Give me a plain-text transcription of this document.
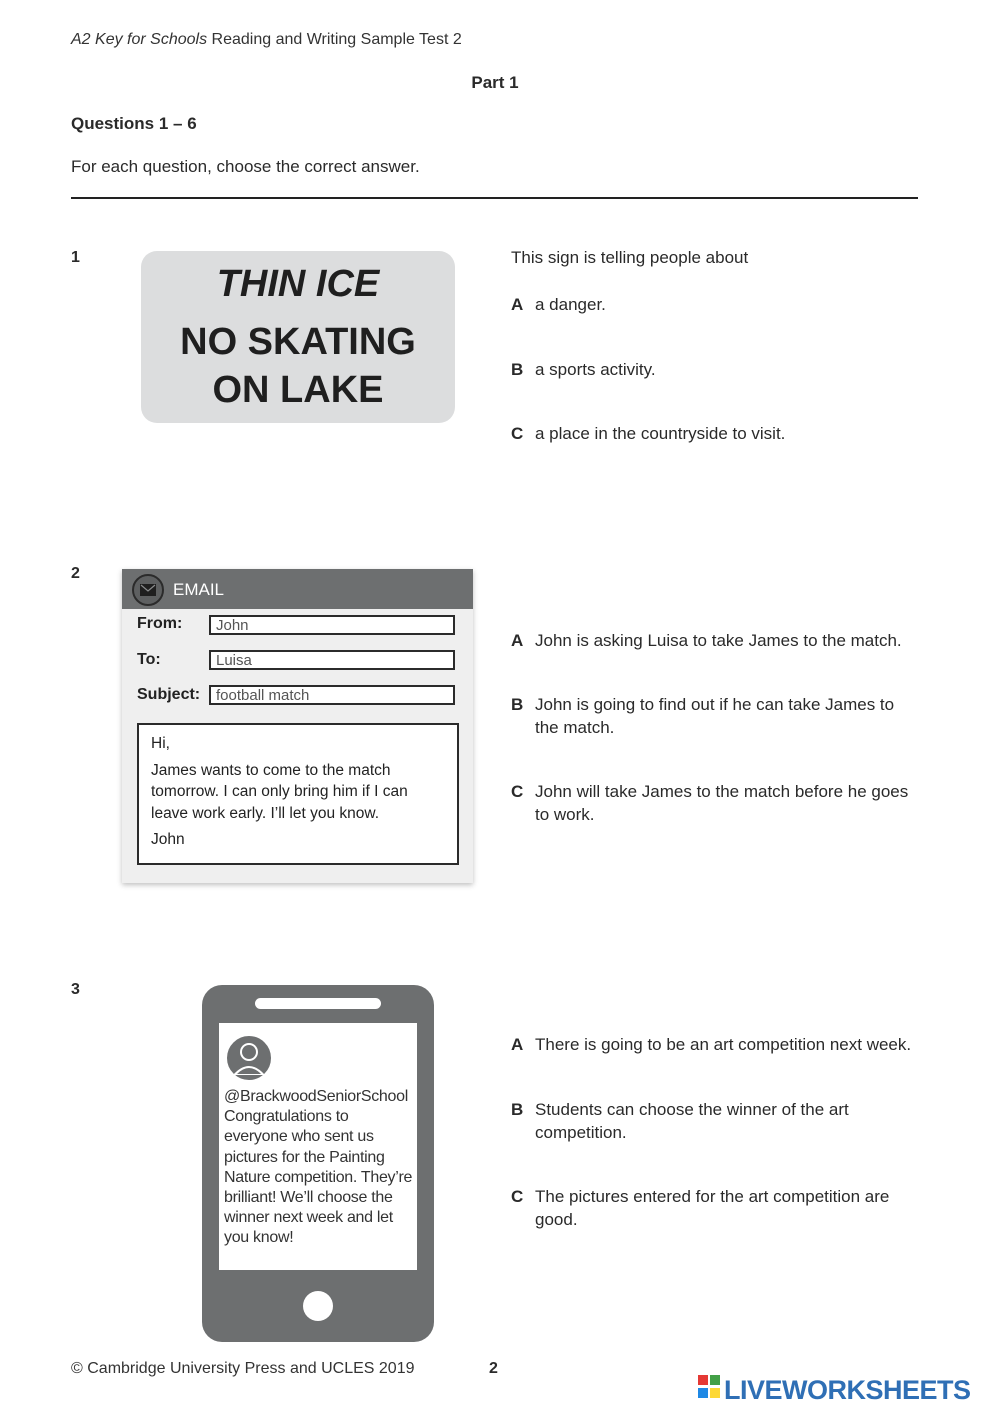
A2 Key for Schools Reading and Writing Sample Test 2
Part 1
Questions 1 – 6
For each question, choose the correct answer.
1
THIN ICE
NO SKATING
ON LAKE
This sign is telling people about
A a danger.
B a sports activity.
C a place in the countryside to visit.
2
EMAIL
From:	John
To:	Luisa
Subject:	football match

Hi,

James wants to come to the match tomorrow. I can only bring him if I can leave work early. I’ll let you know.

John

A John is asking Luisa to take James to the match.
B John is going to find out if he can take James to the match.
C John will take James to the match before he goes to work.
3
@BrackwoodSeniorSchool
Congratulations to everyone who sent us pictures for the Painting Nature competition. They’re brilliant! We’ll choose the winner next week and let you know!
A There is going to be an art competition next week.
B Students can choose the winner of the art competition.
C The pictures entered for the art competition are good.
© Cambridge University Press and UCLES 2019	2
LIVEWORKSHEETS
